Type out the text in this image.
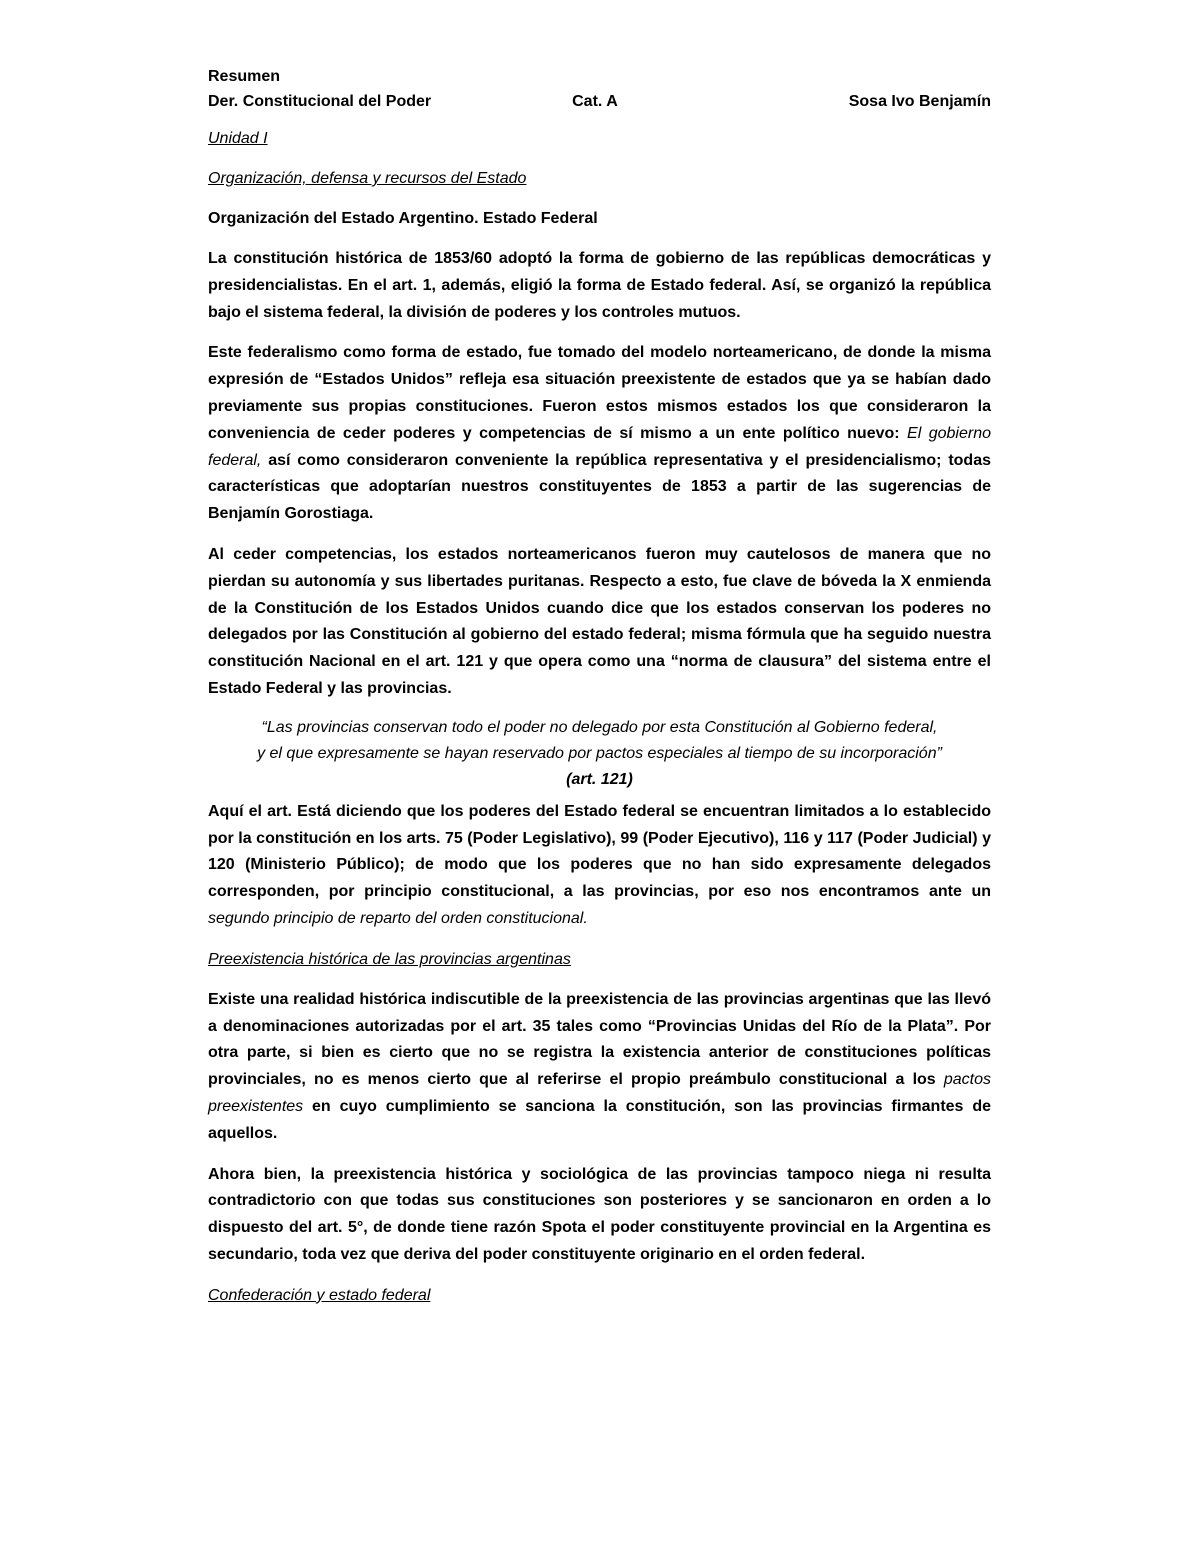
Resumen
Der. Constitucional del Poder	Cat. A	Sosa Ivo Benjamín

Unidad I

Organización, defensa y recursos del Estado

Organización del Estado Argentino. Estado Federal

La constitución histórica de 1853/60 adoptó la forma de gobierno de las repúblicas democráticas y presidencialistas. En el art. 1, además, eligió la forma de Estado federal. Así, se organizó la república bajo el sistema federal, la división de poderes y los controles mutuos.

Este federalismo como forma de estado, fue tomado del modelo norteamericano, de donde la misma expresión de “Estados Unidos” refleja esa situación preexistente de estados que ya se habían dado previamente sus propias constituciones. Fueron estos mismos estados los que consideraron la conveniencia de ceder poderes y competencias de sí mismo a un ente político nuevo: El gobierno federal, así como consideraron conveniente la república representativa y el presidencialismo; todas características que adoptarían nuestros constituyentes de 1853 a partir de las sugerencias de Benjamín Gorostiaga.

Al ceder competencias, los estados norteamericanos fueron muy cautelosos de manera que no pierdan su autonomía y sus libertades puritanas. Respecto a esto, fue clave de bóveda la X enmienda de la Constitución de los Estados Unidos cuando dice que los estados conservan los poderes no delegados por las Constitución al gobierno del estado federal; misma fórmula que ha seguido nuestra constitución Nacional en el art. 121 y que opera como una “norma de clausura” del sistema entre el Estado Federal y las provincias.

“Las provincias conservan todo el poder no delegado por esta Constitución al Gobierno federal,

y el que expresamente se hayan reservado por pactos especiales al tiempo de su incorporación”

(art. 121)

Aquí el art. Está diciendo que los poderes del Estado federal se encuentran limitados a lo establecido por la constitución en los arts. 75 (Poder Legislativo), 99 (Poder Ejecutivo), 116 y 117 (Poder Judicial) y 120 (Ministerio Público); de modo que los poderes que no han sido expresamente delegados corresponden, por principio constitucional, a las provincias, por eso nos encontramos ante un segundo principio de reparto del orden constitucional.

Preexistencia histórica de las provincias argentinas

Existe una realidad histórica indiscutible de la preexistencia de las provincias argentinas que las llevó a denominaciones autorizadas por el art. 35 tales como “Provincias Unidas del Río de la Plata”. Por otra parte, si bien es cierto que no se registra la existencia anterior de constituciones políticas provinciales, no es menos cierto que al referirse el propio preámbulo constitucional a los pactos preexistentes en cuyo cumplimiento se sanciona la constitución, son las provincias firmantes de aquellos.

Ahora bien, la preexistencia histórica y sociológica de las provincias tampoco niega ni resulta contradictorio con que todas sus constituciones son posteriores y se sancionaron en orden a lo dispuesto del art. 5°, de donde tiene razón Spota el poder constituyente provincial en la Argentina es secundario, toda vez que deriva del poder constituyente originario en el orden federal.

Confederación y estado federal
